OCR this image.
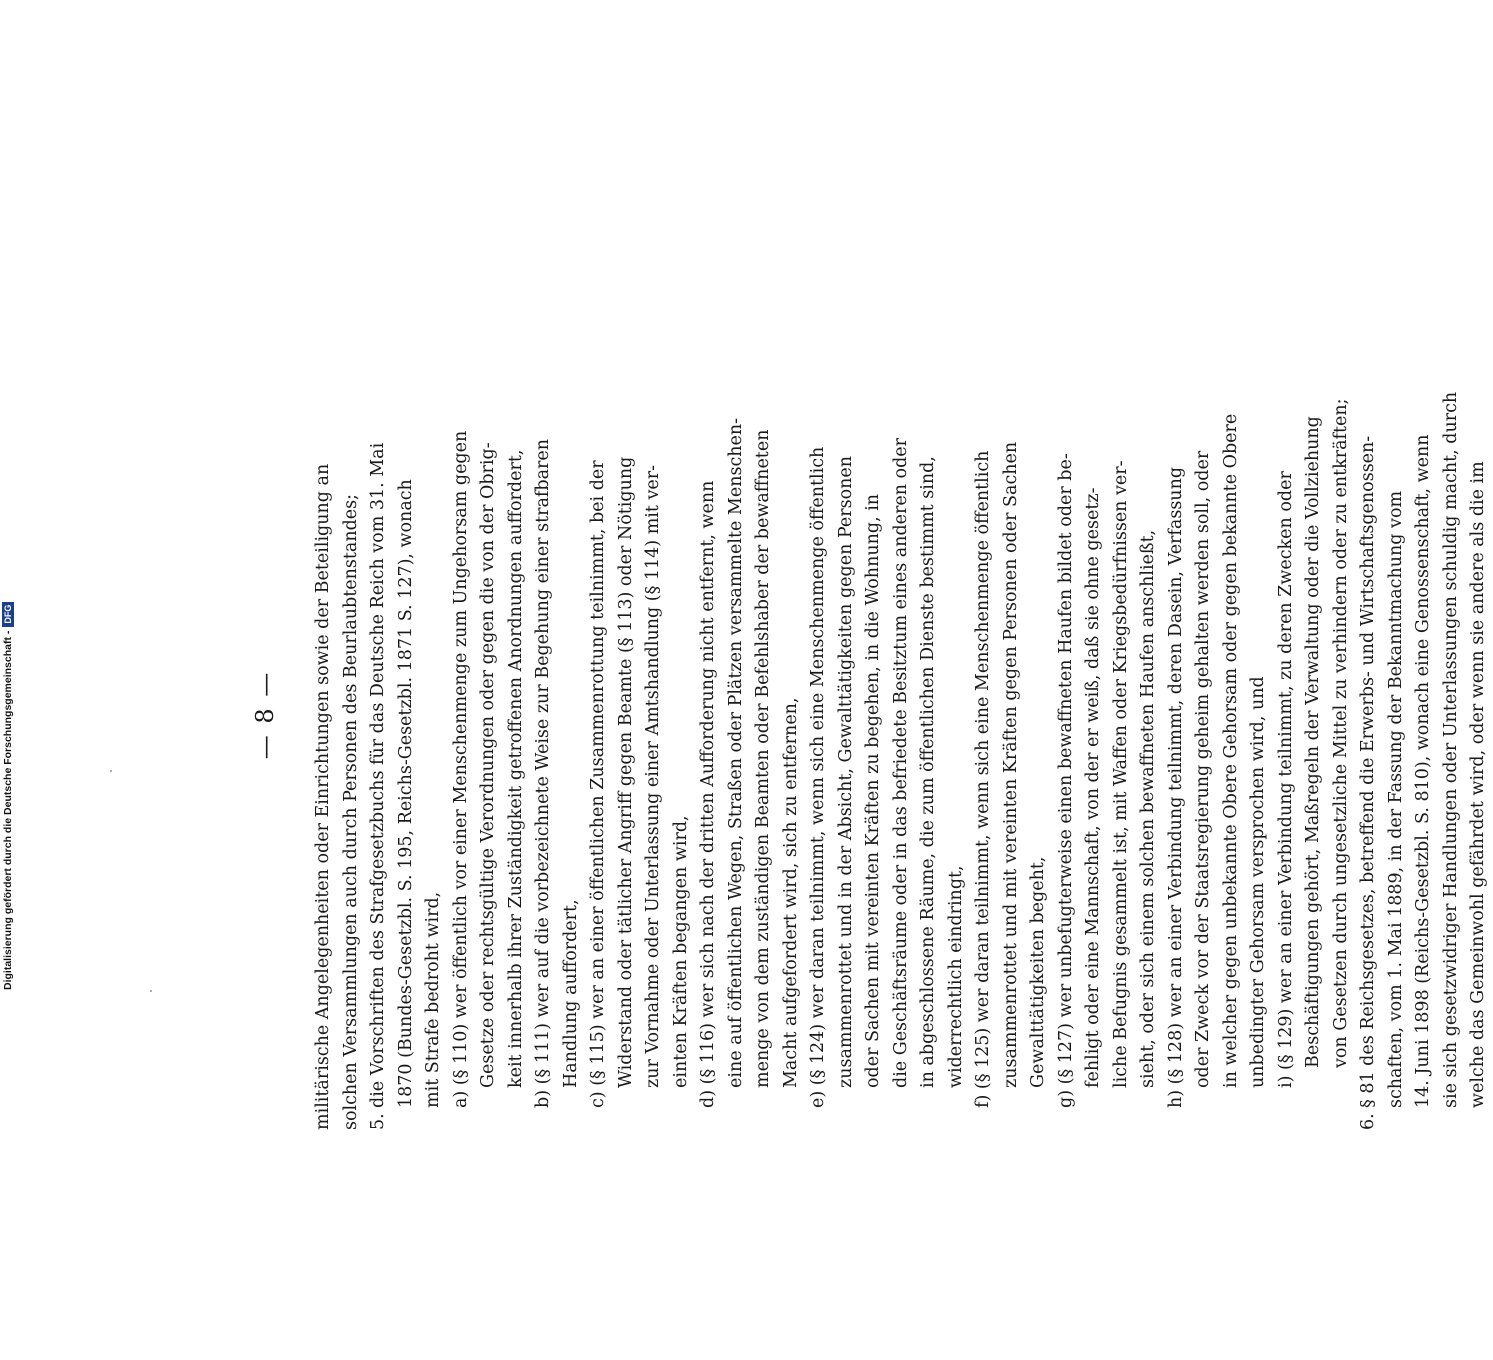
Digitalisierung gefördert durch die Deutsche Forschungsgemeinschaft -DFG
— 8 — militärische Angelegenheiten oder Einrichtungen sowie der Beteiligung an solchen Versammlungen auch durch Personen des Beurlaubtenstandes; 5.

die Vorschriften des Strafgesetzbuchs für das Deutsche Reich vom 31. Mai 1870 (Bundes-Gesetzbl. S. 195, Reichs-Gesetzbl. 1871 S. 127), wonach mit Strafe bedroht wird, a) (§ 110) wer öffentlich vor einer Menschenmenge zum Ungehorsam gegen Gesetze oder rechtsgültige Verordnungen oder gegen die von der Obrig- keit innerhalb ihrer Zuständigkeit getroffenen Anordnungen auffordert, b) (§ 111) wer auf die vorbezeichnete Weise zur Begehung einer strafbaren Handlung auffordert, c) (§ 115) wer an einer öffentlichen Zusammenrottung teilnimmt, bei der Widerstand oder tätlicher Angriff gegen Beamte (§ 113) oder Nötigung zur Vornahme oder Unterlassung einer Amtshandlung (§ 114) mit ver- einten Kräften begangen wird, d) (§ 116) wer sich nach der dritten Aufforderung nicht entfernt, wenn eine auf öffentlichen Wegen, Straßen oder Plätzen versammelte Menschen- menge von dem zuständigen Beamten oder Befehlshaber der bewaffneten Macht aufgefordert wird, sich zu entfernen, e) (§ 124) wer daran teilnimmt, wenn sich eine Menschenmenge öffentlich zusammenrottet und in der Absicht, Gewalttätigkeiten gegen Personen oder Sachen mit vereinten Kräften zu begehen, in die Wohnung, in die Geschäftsräume oder in das befriedete Besitztum eines anderen oder in abgeschlossene Räume, die zum öffentlichen Dienste bestimmt sind, widerrechtlich eindringt, f) (§ 125) wer daran teilnimmt, wenn sich eine Menschenmenge öffentlich zusammenrottet und mit vereinten Kräften gegen Personen oder Sachen Gewalttätigkeiten begeht, g) (§ 127) wer unbefugterweise einen bewaffneten Haufen bildet oder be- fehligt oder eine Mannschaft, von der er weiß, daß sie ohne gesetz- liche Befugnis gesammelt ist, mit Waffen oder Kriegsbedürfnissen ver- sieht, oder sich einem solchen bewaffneten Haufen anschließt, h) (§ 128) wer an einer Verbindung teilnimmt, deren Dasein, Verfassung oder Zweck vor der Staatsregierung geheim gehalten werden soll, oder in welcher gegen unbekannte Obere Gehorsam oder gegen bekannte Obere unbedingter Gehorsam versprochen wird, und i) (§ 129) wer an einer Verbindung teilnimmt, zu deren Zwecken oder Beschäftigungen gehört, Maßregeln der Verwaltung oder die Vollziehung von Gesetzen durch ungesetzliche Mittel zu verhindern oder zu entkräften;

6.

§ 81 des Reichsgesetzes, betreffend die Erwerbs- und Wirtschaftsgenossen- schaften, vom 1. Mai 1889, in der Fassung der Bekanntmachung vom 14. Juni 1898 (Reichs-Gesetzbl. S. 810), wonach eine Genossenschaft, wenn sie sich gesetzwidriger Handlungen oder Unterlassungen schuldig macht, durch welche das Gemeinwohl gefährdet wird, oder wenn sie andere als die im
